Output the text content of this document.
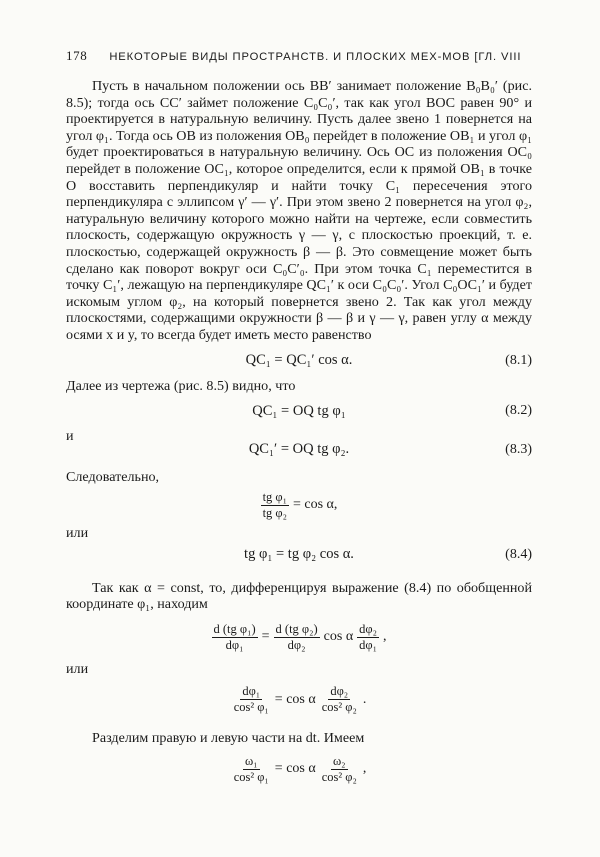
178 НЕКОТОРЫЕ ВИДЫ ПРОСТРАНСТВ. И ПЛОСКИХ МЕХ-МОВ [ГЛ. VIII

Пусть в начальном положении ось BB′ занимает положение B₀B₀′ (рис. 8.5); тогда ось CC′ займет положение C₀C₀′, так как угол BOC равен 90° и проектируется в натуральную величину. Пусть далее звено 1 повернется на угол φ₁. Тогда ось OB из положения OB₀ перейдет в положение OB₁ и угол φ₁ будет проектироваться в натуральную величину. Ось OC из положения OC₀ перейдет в положение OC₁, которое определится, если к прямой OB₁ в точке O восставить перпендикуляр и найти точку C₁ пересечения этого перпендикуляра с эллипсом γ′ — γ′. При этом звено 2 повернется на угол φ₂, натуральную величину которого можно найти на чертеже, если совместить плоскость, содержащую окружность γ — γ, с плоскостью проекций, т. е. плоскостью, содержащей окружность β — β. Это совмещение может быть сделано как поворот вокруг оси C₀C′₀. При этом точка C₁ переместится в точку C₁′, лежащую на перпендикуляре QC₁′ к оси C₀C₀′. Угол C₀OC₁′ и будет искомым углом φ₂, на который повернется звено 2. Так как угол между плоскостями, содержащими окружности β — β и γ — γ, равен углу α между осями x и y, то всегда будет иметь место равенство

QC₁ = QC₁′ cos α.	(8.1)

Далее из чертежа (рис. 8.5) видно, что

QC₁ = OQ tg φ₁	(8.2)

и

QC₁′ = OQ tg φ₂.	(8.3)

Следовательно,

$\frac{\text{tg φ₁}}{\text{tg φ₂}} = \cos \alpha$,

или

tg φ₁ = tg φ₂ cos α.	(8.4)

Так как α = const, то, дифференцируя выражение (8.4) по обобщенной координате φ₁, находим

$\frac{\text{d (tg φ₁)}}{\text{dφ₁}} = \frac{\text{d (tg φ₂)}}{\text{dφ₂}}$ cos α $\frac{\text{dφ₂}}{\text{dφ₁}}$ ,

или

$\frac{\text{dφ₁}}{\text{cos² φ₁}} = \cos \alpha \frac{\text{dφ₂}}{\text{cos² φ₂}}$ .

Разделим правую и левую части на dt. Имеем

$\frac{\text{ω₁}}{\text{cos² φ₁}} = \cos \alpha \frac{\text{ω₂}}{\text{cos² φ₂}}$ ,
